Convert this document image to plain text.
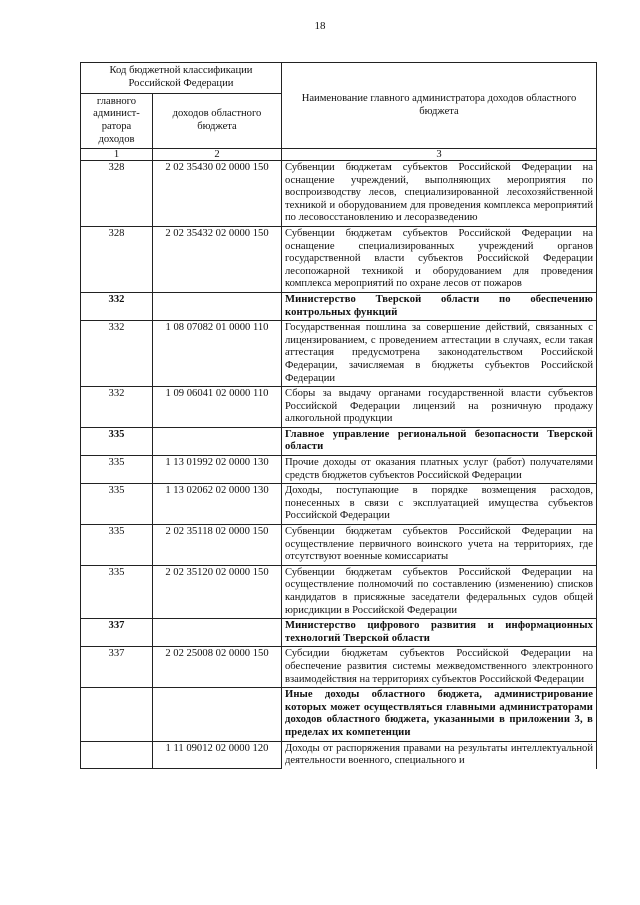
18
Код бюджетной классификации Российской Федерации		Наименование главного администратора доходов областного бюджета
главного админист-ратора доходов	доходов областного бюджета	
1	2	3
328	2 02 35430 02 0000 150	Субвенции бюджетам субъектов Российской Федерации на оснащение учреждений, выполняющих мероприятия по воспроизводству лесов, специализированной лесохозяйственной техникой и оборудованием для проведения комплекса мероприятий по лесовосстановлению и лесоразведению
328	2 02 35432 02 0000 150	Субвенции бюджетам субъектов Российской Федерации на оснащение специализированных учреждений органов государственной власти субъектов Российской Федерации лесопожарной техникой и оборудованием для проведения комплекса мероприятий по охране лесов от пожаров
332		Министерство Тверской области по обеспечению контрольных функций
332	1 08 07082 01 0000 110	Государственная пошлина за совершение действий, связанных с лицензированием, с проведением аттестации в случаях, если такая аттестация предусмотрена законодательством Российской Федерации, зачисляемая в бюджеты субъектов Российской Федерации
332	1 09 06041 02 0000 110	Сборы за выдачу органами государственной власти субъектов Российской Федерации лицензий на розничную продажу алкогольной продукции
335		Главное управление региональной безопасности Тверской области
335	1 13 01992 02 0000 130	Прочие доходы от оказания платных услуг (работ) получателями средств бюджетов субъектов Российской Федерации
335	1 13 02062 02 0000 130	Доходы, поступающие в порядке возмещения расходов, понесенных в связи с эксплуатацией имущества субъектов Российской Федерации
335	2 02 35118 02 0000 150	Субвенции бюджетам субъектов Российской Федерации на осуществление первичного воинского учета на территориях, где отсутствуют военные комиссариаты
335	2 02 35120 02 0000 150	Субвенции бюджетам субъектов Российской Федерации на осуществление полномочий по составлению (изменению) списков кандидатов в присяжные заседатели федеральных судов общей юрисдикции в Российской Федерации
337		Министерство цифрового развития и информационных технологий Тверской области
337	2 02 25008 02 0000 150	Субсидии бюджетам субъектов Российской Федерации на обеспечение развития системы межведомственного электронного взаимодействия на территориях субъектов Российской Федерации
		Иные доходы областного бюджета, администрирование которых может осуществляться главными администраторами доходов областного бюджета, указанными в приложении 3, в пределах их компетенции
	1 11 09012 02 0000 120	Доходы от распоряжения правами на результаты интеллектуальной деятельности военного, специального и
